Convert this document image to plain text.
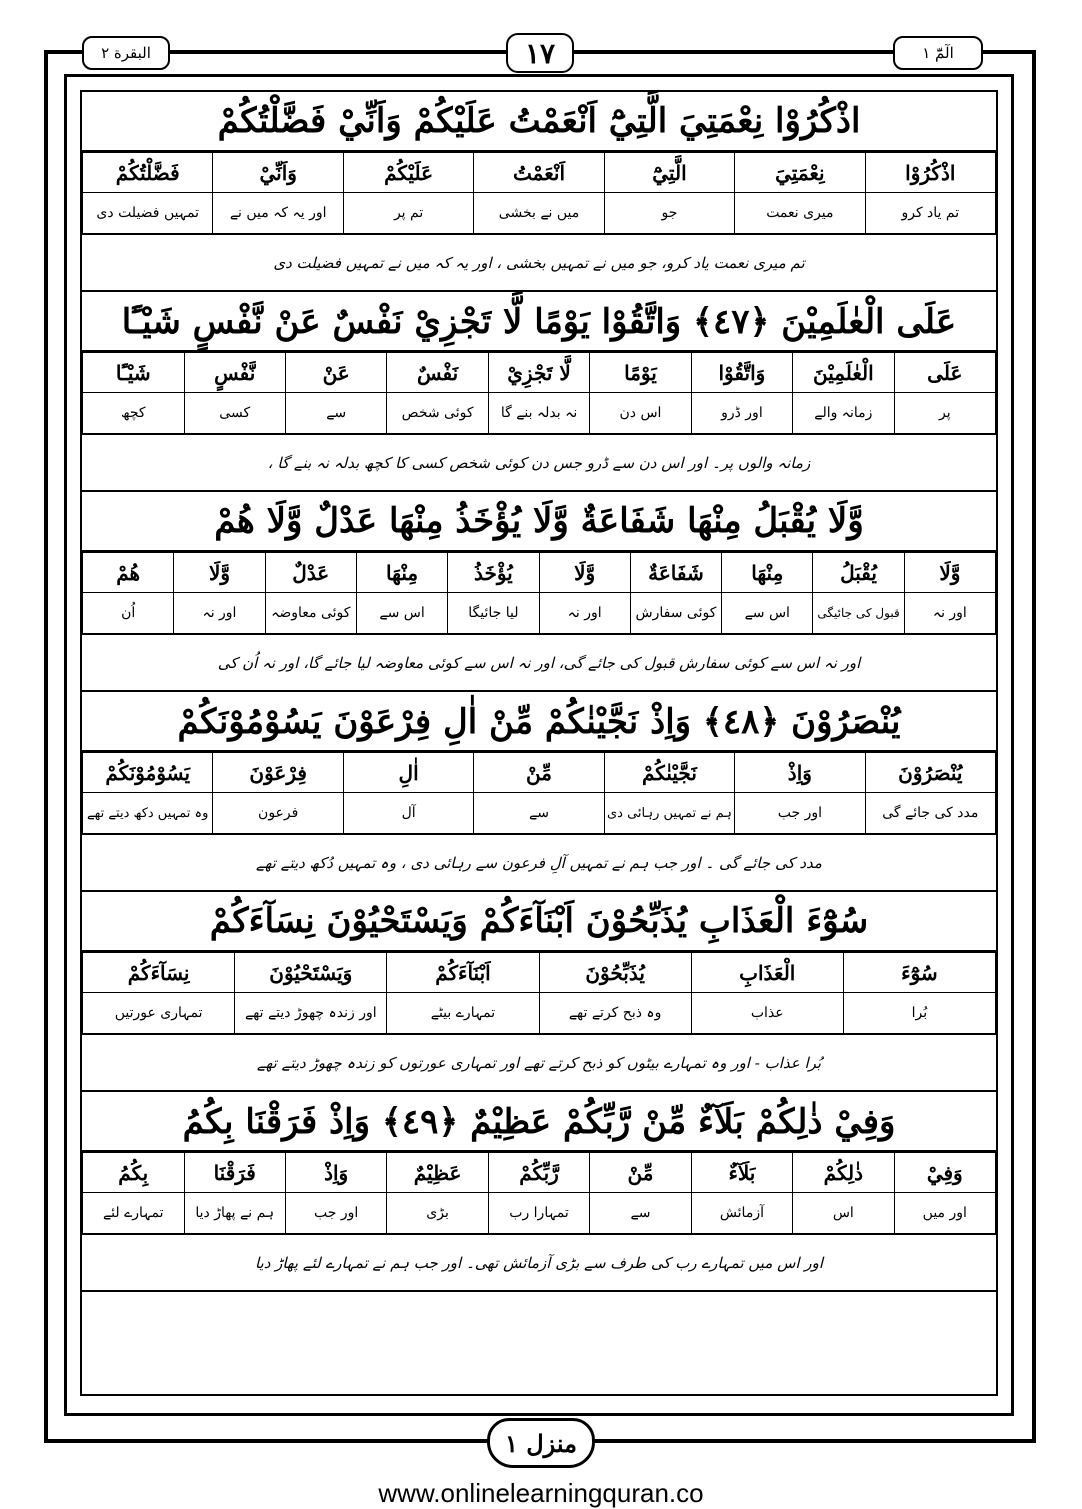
البقرة ٢	١٧	الٓمّٓ ١
اذْكُرُوْا نِعْمَتِيَ الَّتِيْٓ اَنْعَمْتُ عَلَيْكُمْ وَاَنِّيْ فَضَّلْتُكُمْ
اذْكُرُوْا	نِعْمَتِيَ	الَّتِيْٓ	اَنْعَمْتُ	عَلَيْكُمْ	وَاَنِّيْ	فَضَّلْتُكُمْ
تم یاد کرو	میری نعمت	جو	میں نے بخشی	تم پر	اور یہ کہ میں نے	تمہیں فضیلت دی
تم میری نعمت یاد کرو، جو میں نے تمہیں بخشی ، اور یہ کہ میں نے تمہیں فضیلت دی
عَلَى الْعٰلَمِيْنَ ﴿٤٧﴾ وَاتَّقُوْا يَوْمًا لَّا تَجْزِيْ نَفْسٌ عَنْ نَّفْسٍ شَيْـًٔا
عَلَى	الْعٰلَمِيْنَ	وَاتَّقُوْا	يَوْمًا	لَّا تَجْزِيْ	نَفْسٌ	عَنْ	نَّفْسٍ	شَيْـًٔا
پر	زمانہ والے	اور ڈرو	اس دن	نہ بدلہ بنے گا	کوئی شخص	سے	کسی	کچھ
زمانہ والوں پر۔ اور اس دن سے ڈرو جس دن کوئی شخص کسی کا کچھ بدلہ نہ بنے گا ،
وَّلَا يُقْبَلُ مِنْهَا شَفَاعَةٌ وَّلَا يُؤْخَذُ مِنْهَا عَدْلٌ وَّلَا هُمْ
وَّلَا	يُقْبَلُ	مِنْهَا	شَفَاعَةٌ	وَّلَا	يُؤْخَذُ	مِنْهَا	عَدْلٌ	وَّلَا	هُمْ
اور نہ	قبول کی جائیگی	اس سے	کوئی سفارش	اور نہ	لیا جائیگا	اس سے	کوئی معاوضہ	اور نہ	اُن
اور نہ اس سے کوئی سفارش قبول کی جائے گی، اور نہ اس سے کوئی معاوضہ لیا جائے گا، اور نہ اُن کی
يُنْصَرُوْنَ ﴿٤٨﴾ وَاِذْ نَجَّيْنٰكُمْ مِّنْ اٰلِ فِرْعَوْنَ يَسُوْمُوْنَكُمْ
يُنْصَرُوْنَ	وَاِذْ	نَجَّيْنٰكُمْ	مِّنْ	اٰلِ	فِرْعَوْنَ	يَسُوْمُوْنَكُمْ
مدد کی جائے گی	اور جب	ہم نے تمہیں رہائی دی	سے	آل	فرعون	وہ تمہیں دکھ دیتے تھے
مدد کی جائے گی ۔ اور جب ہم نے تمہیں آلِ فرعون سے رہائی دی ، وہ تمہیں دُکھ دیتے تھے
سُوْٓءَ الْعَذَابِ يُذَبِّحُوْنَ اَبْنَآءَكُمْ وَيَسْتَحْيُوْنَ نِسَآءَكُمْ
سُوْٓءَ	الْعَذَابِ	يُذَبِّحُوْنَ	اَبْنَآءَكُمْ	وَيَسْتَحْيُوْنَ	نِسَآءَكُمْ
بُرا	عذاب	وہ ذبح کرتے تھے	تمہارے بیٹے	اور زندہ چھوڑ دیتے تھے	تمہاری عورتیں
بُرا عذاب - اور وہ تمہارے بیٹوں کو ذبح کرتے تھے اور تمہاری عورتوں کو زندہ چھوڑ دیتے تھے
وَفِيْ ذٰلِكُمْ بَلَآءٌ مِّنْ رَّبِّكُمْ عَظِيْمٌ ﴿٤٩﴾ وَاِذْ فَرَقْنَا بِكُمُ
وَفِيْ	ذٰلِكُمْ	بَلَآءٌ	مِّنْ	رَّبِّكُمْ	عَظِيْمٌ	وَاِذْ	فَرَقْنَا	بِكُمُ
اور میں	اس	آزمائش	سے	تمہارا رب	بڑی	اور جب	ہم نے پھاڑ دیا	تمہارے لئے
اور اس میں تمہارے رب کی طرف سے بڑی آزمائش تھی۔ اور جب ہم نے تمہارے لئے پھاڑ دیا
منزل ١
www.onlinelearningquran.co
